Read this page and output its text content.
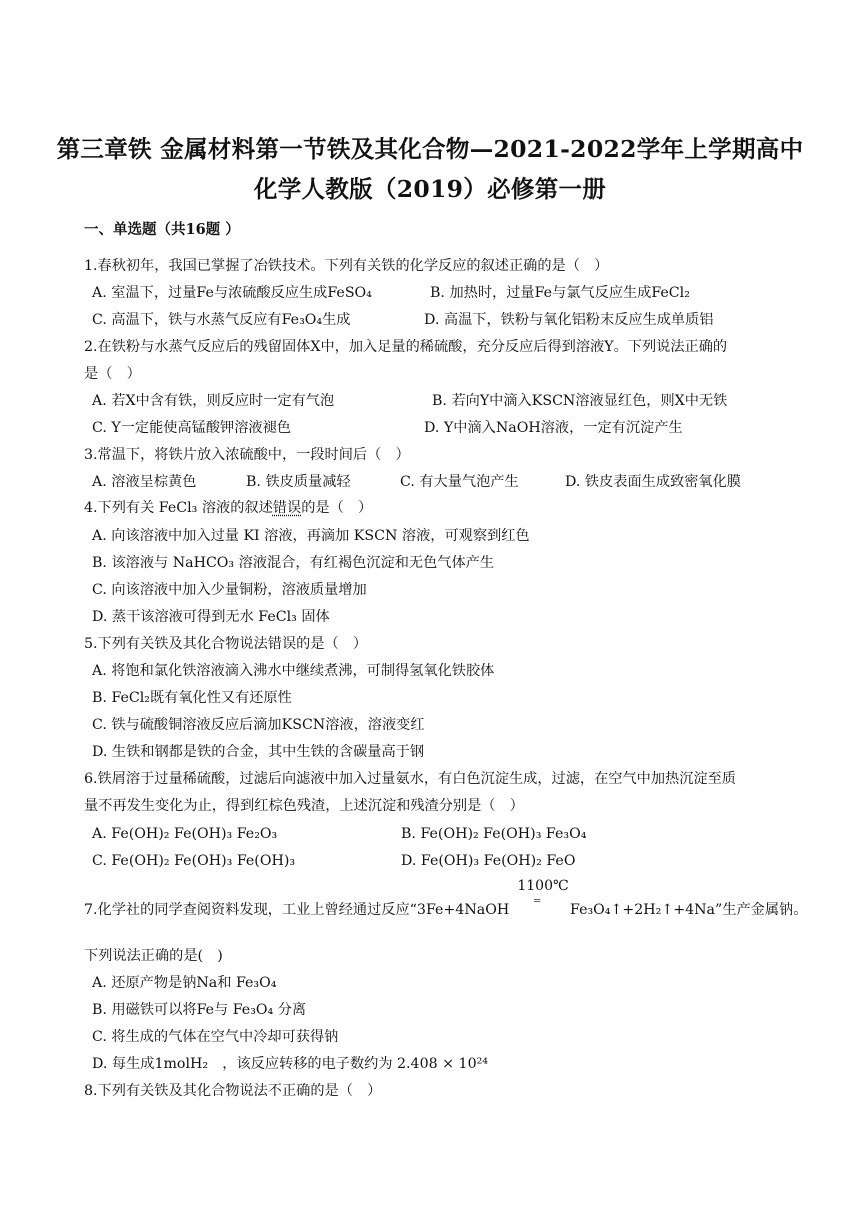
第三章铁 金属材料第一节铁及其化合物—2021-2022学年上学期高中
化学人教版（2019）必修第一册
一、单选题（共16题 ）
1.春秋初年，我国已掌握了冶铁技术。下列有关铁的化学反应的叙述正确的是（　）
A. 室温下，过量Fe与浓硫酸反应生成FeSO₄	B. 加热时，过量Fe与氯气反应生成FeCl₂
C. 高温下，铁与水蒸气反应有Fe₃O₄生成	D. 高温下，铁粉与氧化铝粉末反应生成单质铝
2.在铁粉与水蒸气反应后的残留固体X中，加入足量的稀硫酸，充分反应后得到溶液Y。下列说法正确的
是（　）
A. 若X中含有铁，则反应时一定有气泡	B. 若向Y中滴入KSCN溶液显红色，则X中无铁
C. Y一定能使高锰酸钾溶液褪色	D. Y中滴入NaOH溶液，一定有沉淀产生
3.常温下，将铁片放入浓硫酸中，一段时间后（　）
A. 溶液呈棕黄色	B. 铁皮质量减轻	C. 有大量气泡产生	D. 铁皮表面生成致密氧化膜
4.下列有关 FeCl₃ 溶液的叙述错误的是（　）
A. 向该溶液中加入过量 KI 溶液，再滴加 KSCN 溶液，可观察到红色
B. 该溶液与 NaHCO₃ 溶液混合，有红褐色沉淀和无色气体产生
C. 向该溶液中加入少量铜粉，溶液质量增加
D. 蒸干该溶液可得到无水 FeCl₃ 固体
5.下列有关铁及其化合物说法错误的是（　）
A. 将饱和氯化铁溶液滴入沸水中继续煮沸，可制得氢氧化铁胶体
B. FeCl₂既有氧化性又有还原性
C. 铁与硫酸铜溶液反应后滴加KSCN溶液，溶液变红
D. 生铁和钢都是铁的合金，其中生铁的含碳量高于钢
6.铁屑溶于过量稀硫酸，过滤后向滤液中加入过量氨水，有白色沉淀生成，过滤，在空气中加热沉淀至质
量不再发生变化为止，得到红棕色残渣，上述沉淀和残渣分别是（　）
A. Fe(OH)₂ Fe(OH)₃ Fe₂O₃	B. Fe(OH)₂ Fe(OH)₃ Fe₃O₄
C. Fe(OH)₂ Fe(OH)₃ Fe(OH)₃	D. Fe(OH)₃ Fe(OH)₂ FeO
1100℃
=
7.化学社的同学查阅资料发现，工业上曾经通过反应“3Fe+4NaOH	Fe₃O₄↑+2H₂↑+4Na”生产金属钠。
下列说法正确的是(　)
A. 还原产物是钠Na和 Fe₃O₄
B. 用磁铁可以将Fe与 Fe₃O₄ 分离
C. 将生成的气体在空气中冷却可获得钠
D. 每生成1molH₂　，该反应转移的电子数约为 2.408 × 10²⁴
8.下列有关铁及其化合物说法不正确的是（　）
